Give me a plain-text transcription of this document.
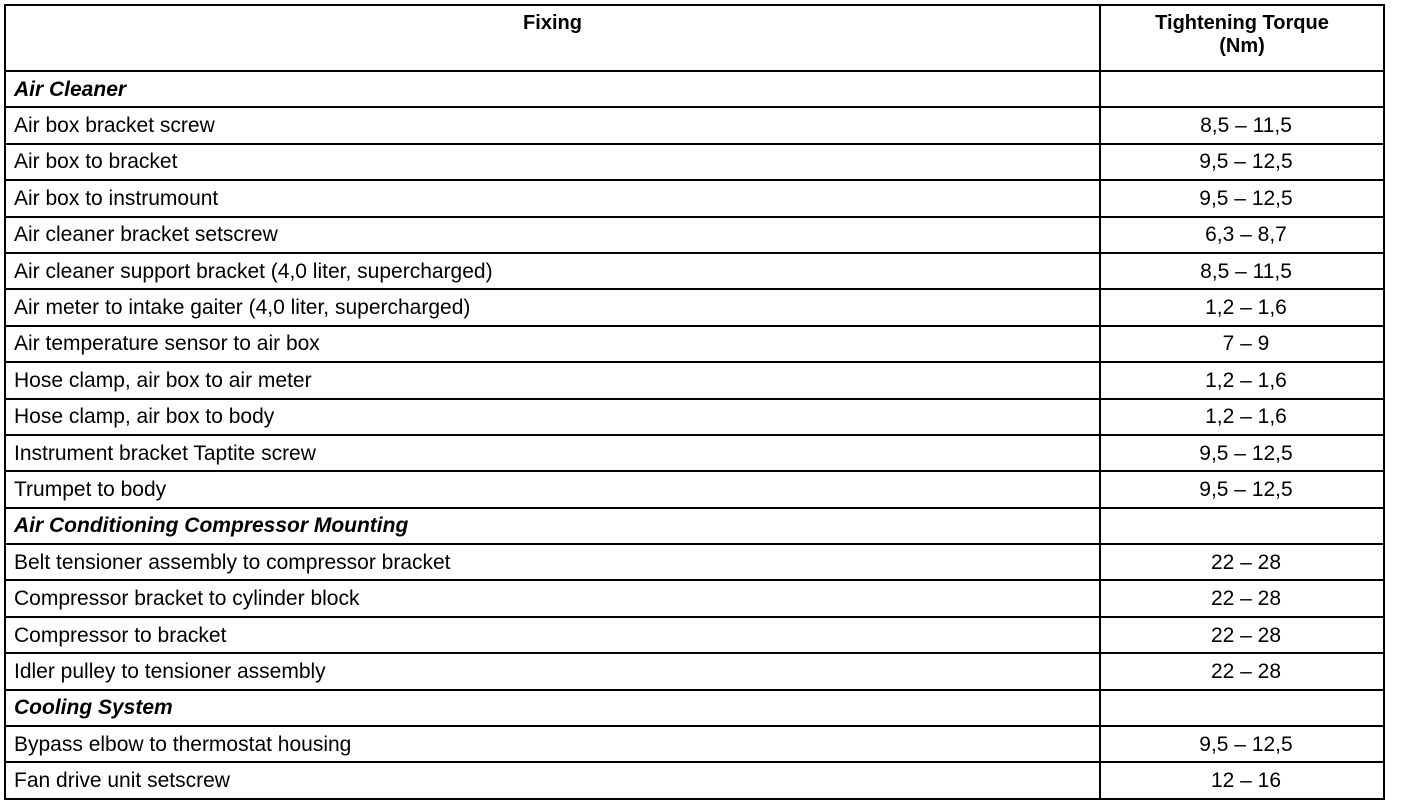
Fixing	Tightening Torque
(Nm)
Air Cleaner	
Air box bracket screw	8,5 – 11,5
Air box to bracket	9,5 – 12,5
Air box to instrumount	9,5 – 12,5
Air cleaner bracket setscrew	6,3 – 8,7
Air cleaner support bracket (4,0 liter, supercharged)	8,5 – 11,5
Air meter to intake gaiter (4,0 liter, supercharged)	1,2 – 1,6
Air temperature sensor to air box	7 – 9
Hose clamp, air box to air meter	1,2 – 1,6
Hose clamp, air box to body	1,2 – 1,6
Instrument bracket Taptite screw	9,5 – 12,5
Trumpet to body	9,5 – 12,5
Air Conditioning Compressor Mounting	
Belt tensioner assembly to compressor bracket	22 – 28
Compressor bracket to cylinder block	22 – 28
Compressor to bracket	22 – 28
Idler pulley to tensioner assembly	22 – 28
Cooling System	
Bypass elbow to thermostat housing	9,5 – 12,5
Fan drive unit setscrew	12 – 16
